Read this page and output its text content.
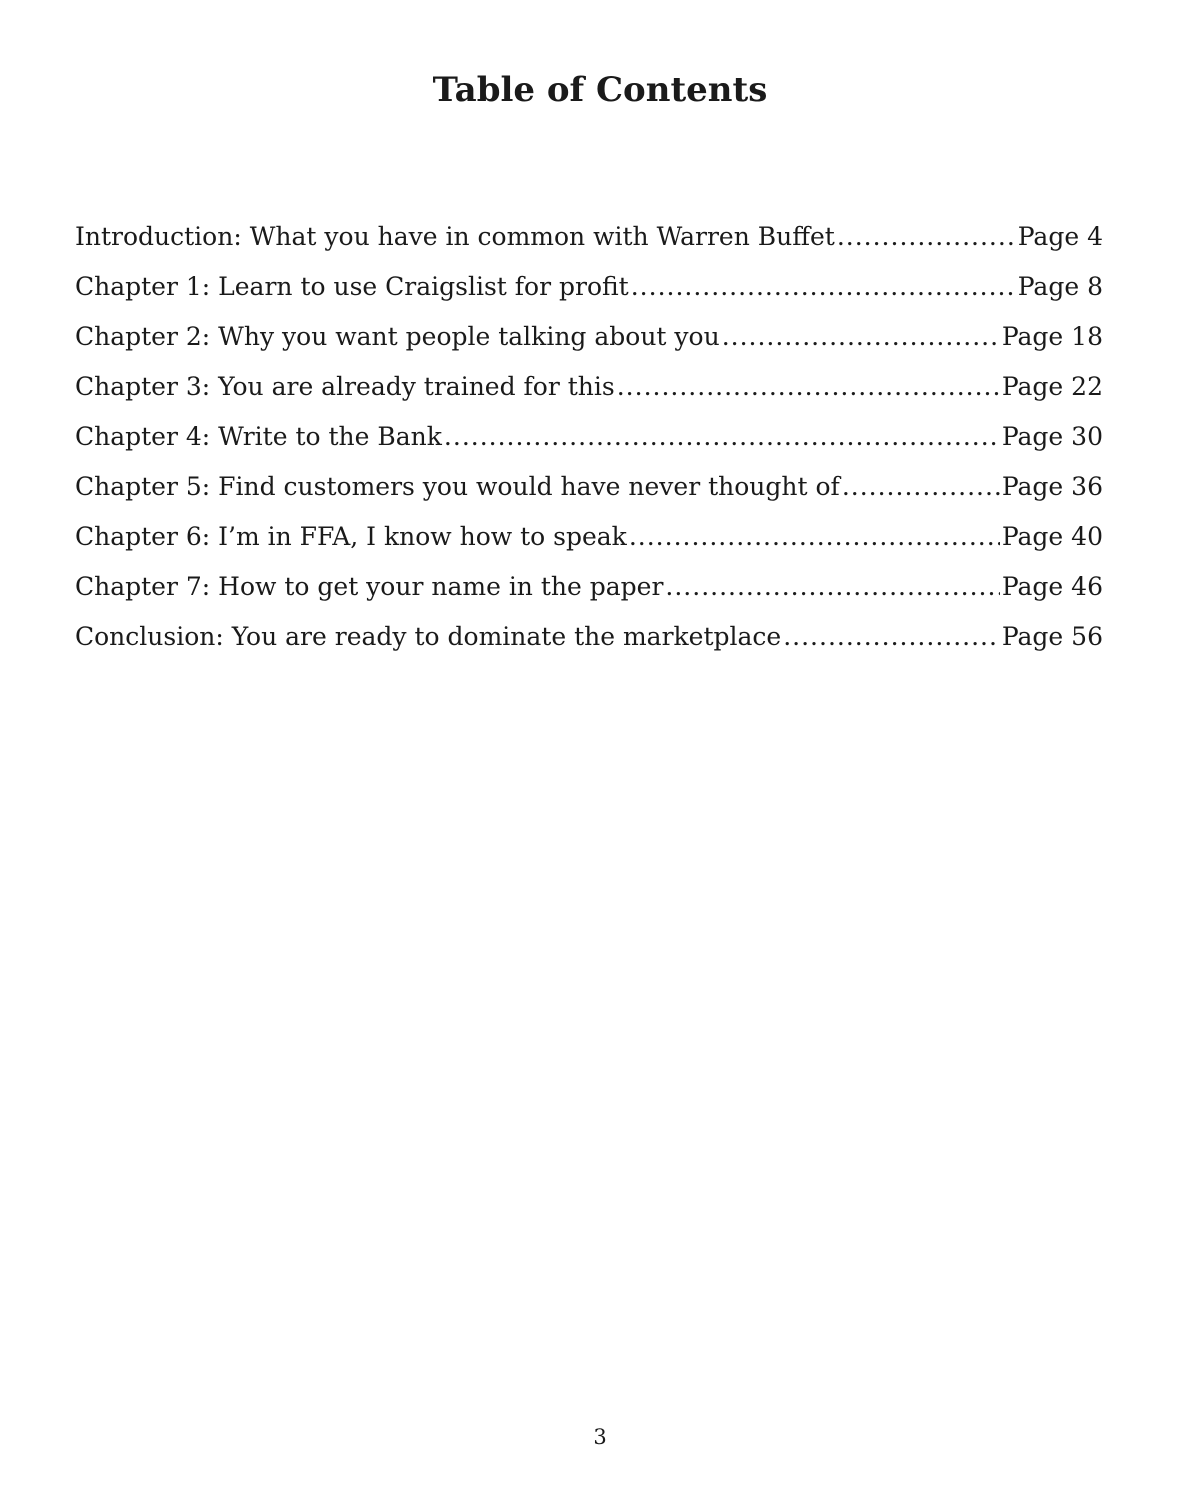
Table of Contents
Introduction: What you have in common with Warren Buffet .....	Page 4
Chapter 1: Learn to use Craigslist for profit .....	Page 8
Chapter 2: Why you want people talking about you .....	Page 18
Chapter 3: You are already trained for this .....	Page 22
Chapter 4: Write to the Bank .....	Page 30
Chapter 5: Find customers you would have never thought of .....	Page 36
Chapter 6: I’m in FFA, I know how to speak .....	Page 40
Chapter 7: How to get your name in the paper .....	Page 46
Conclusion: You are ready to dominate the marketplace .....	Page 56
3
